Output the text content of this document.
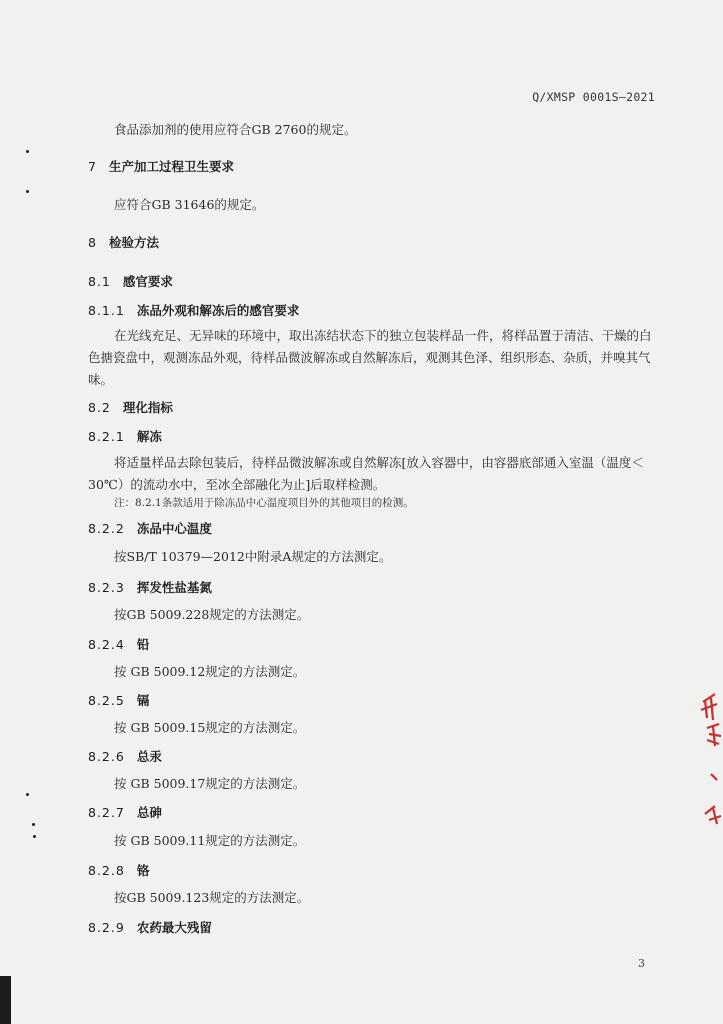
Q/XMSP 0001S—2021
食品添加剂的使用应符合GB 2760的规定。
7 生产加工过程卫生要求
应符合GB 31646的规定。
8 检验方法
8.1 感官要求
8.1.1 冻品外观和解冻后的感官要求
在光线充足、无异味的环境中，取出冻结状态下的独立包装样品一件，将样品置于清洁、干燥的白色搪瓷盘中，观测冻品外观，待样品微波解冻或自然解冻后，观测其色泽、组织形态、杂质，并嗅其气味。
8.2 理化指标
8.2.1 解冻
将适量样品去除包装后，待样品微波解冻或自然解冻[放入容器中，由容器底部通入室温（温度＜30℃）的流动水中，至冰全部融化为止]后取样检测。
注：8.2.1条款适用于除冻品中心温度项目外的其他项目的检测。
8.2.2 冻品中心温度
按SB/T 10379—2012中附录A规定的方法测定。
8.2.3 挥发性盐基氮
按GB 5009.228规定的方法测定。
8.2.4 铅
按 GB 5009.12规定的方法测定。
8.2.5 镉
按 GB 5009.15规定的方法测定。
8.2.6 总汞
按 GB 5009.17规定的方法测定。
8.2.7 总砷
按 GB 5009.11规定的方法测定。
8.2.8 铬
按GB 5009.123规定的方法测定。
8.2.9 农药最大残留
3
